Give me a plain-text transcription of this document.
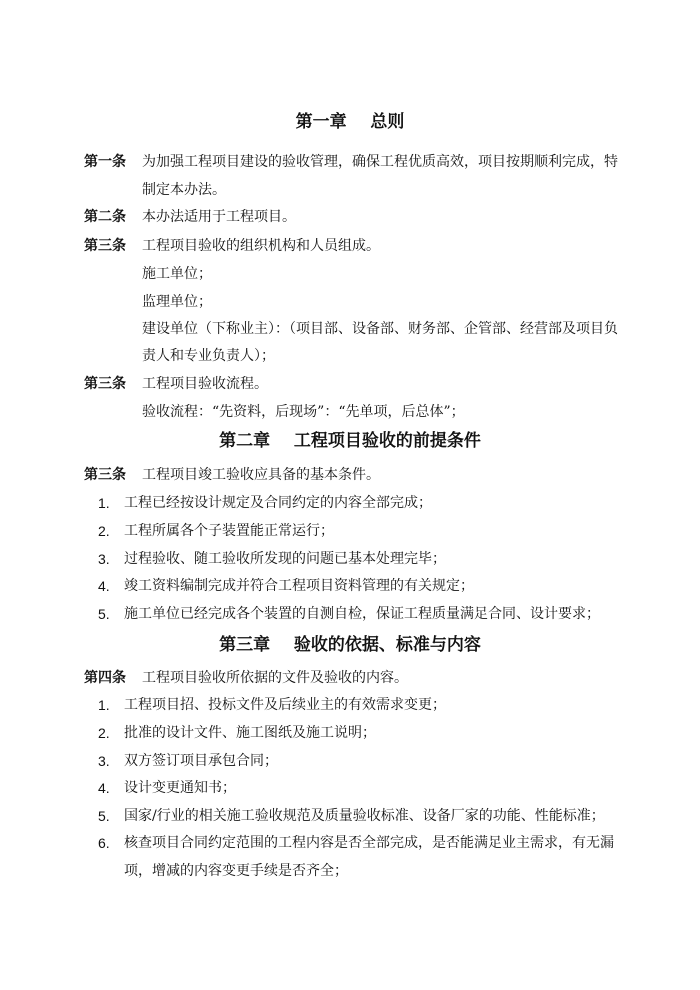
第一章    总则
第一条 为加强工程项目建设的验收管理，确保工程优质高效，项目按期顺利完成，特
制定本办法。
第二条 本办法适用于工程项目。
第三条 工程项目验收的组织机构和人员组成。
施工单位；
监理单位；
建设单位（下称业主）：（项目部、设备部、财务部、企管部、经营部及项目负
责人和专业负责人）；
第三条 工程项目验收流程。
验收流程：“先资料，后现场”：“先单项，后总体”；
第二章    工程项目验收的前提条件
第三条 工程项目竣工验收应具备的基本条件。
1. 工程已经按设计规定及合同约定的内容全部完成；
2. 工程所属各个子装置能正常运行；
3. 过程验收、随工验收所发现的问题已基本处理完毕；
4. 竣工资料编制完成并符合工程项目资料管理的有关规定；
5. 施工单位已经完成各个装置的自测自检，保证工程质量满足合同、设计要求；
第三章    验收的依据、标准与内容
第四条 工程项目验收所依据的文件及验收的内容。
1. 工程项目招、投标文件及后续业主的有效需求变更；
2. 批准的设计文件、施工图纸及施工说明；
3. 双方签订项目承包合同；
4. 设计变更通知书；
5. 国家/行业的相关施工验收规范及质量验收标准、设备厂家的功能、性能标准；
6. 核查项目合同约定范围的工程内容是否全部完成，是否能满足业主需求，有无漏
项，增减的内容变更手续是否齐全；
